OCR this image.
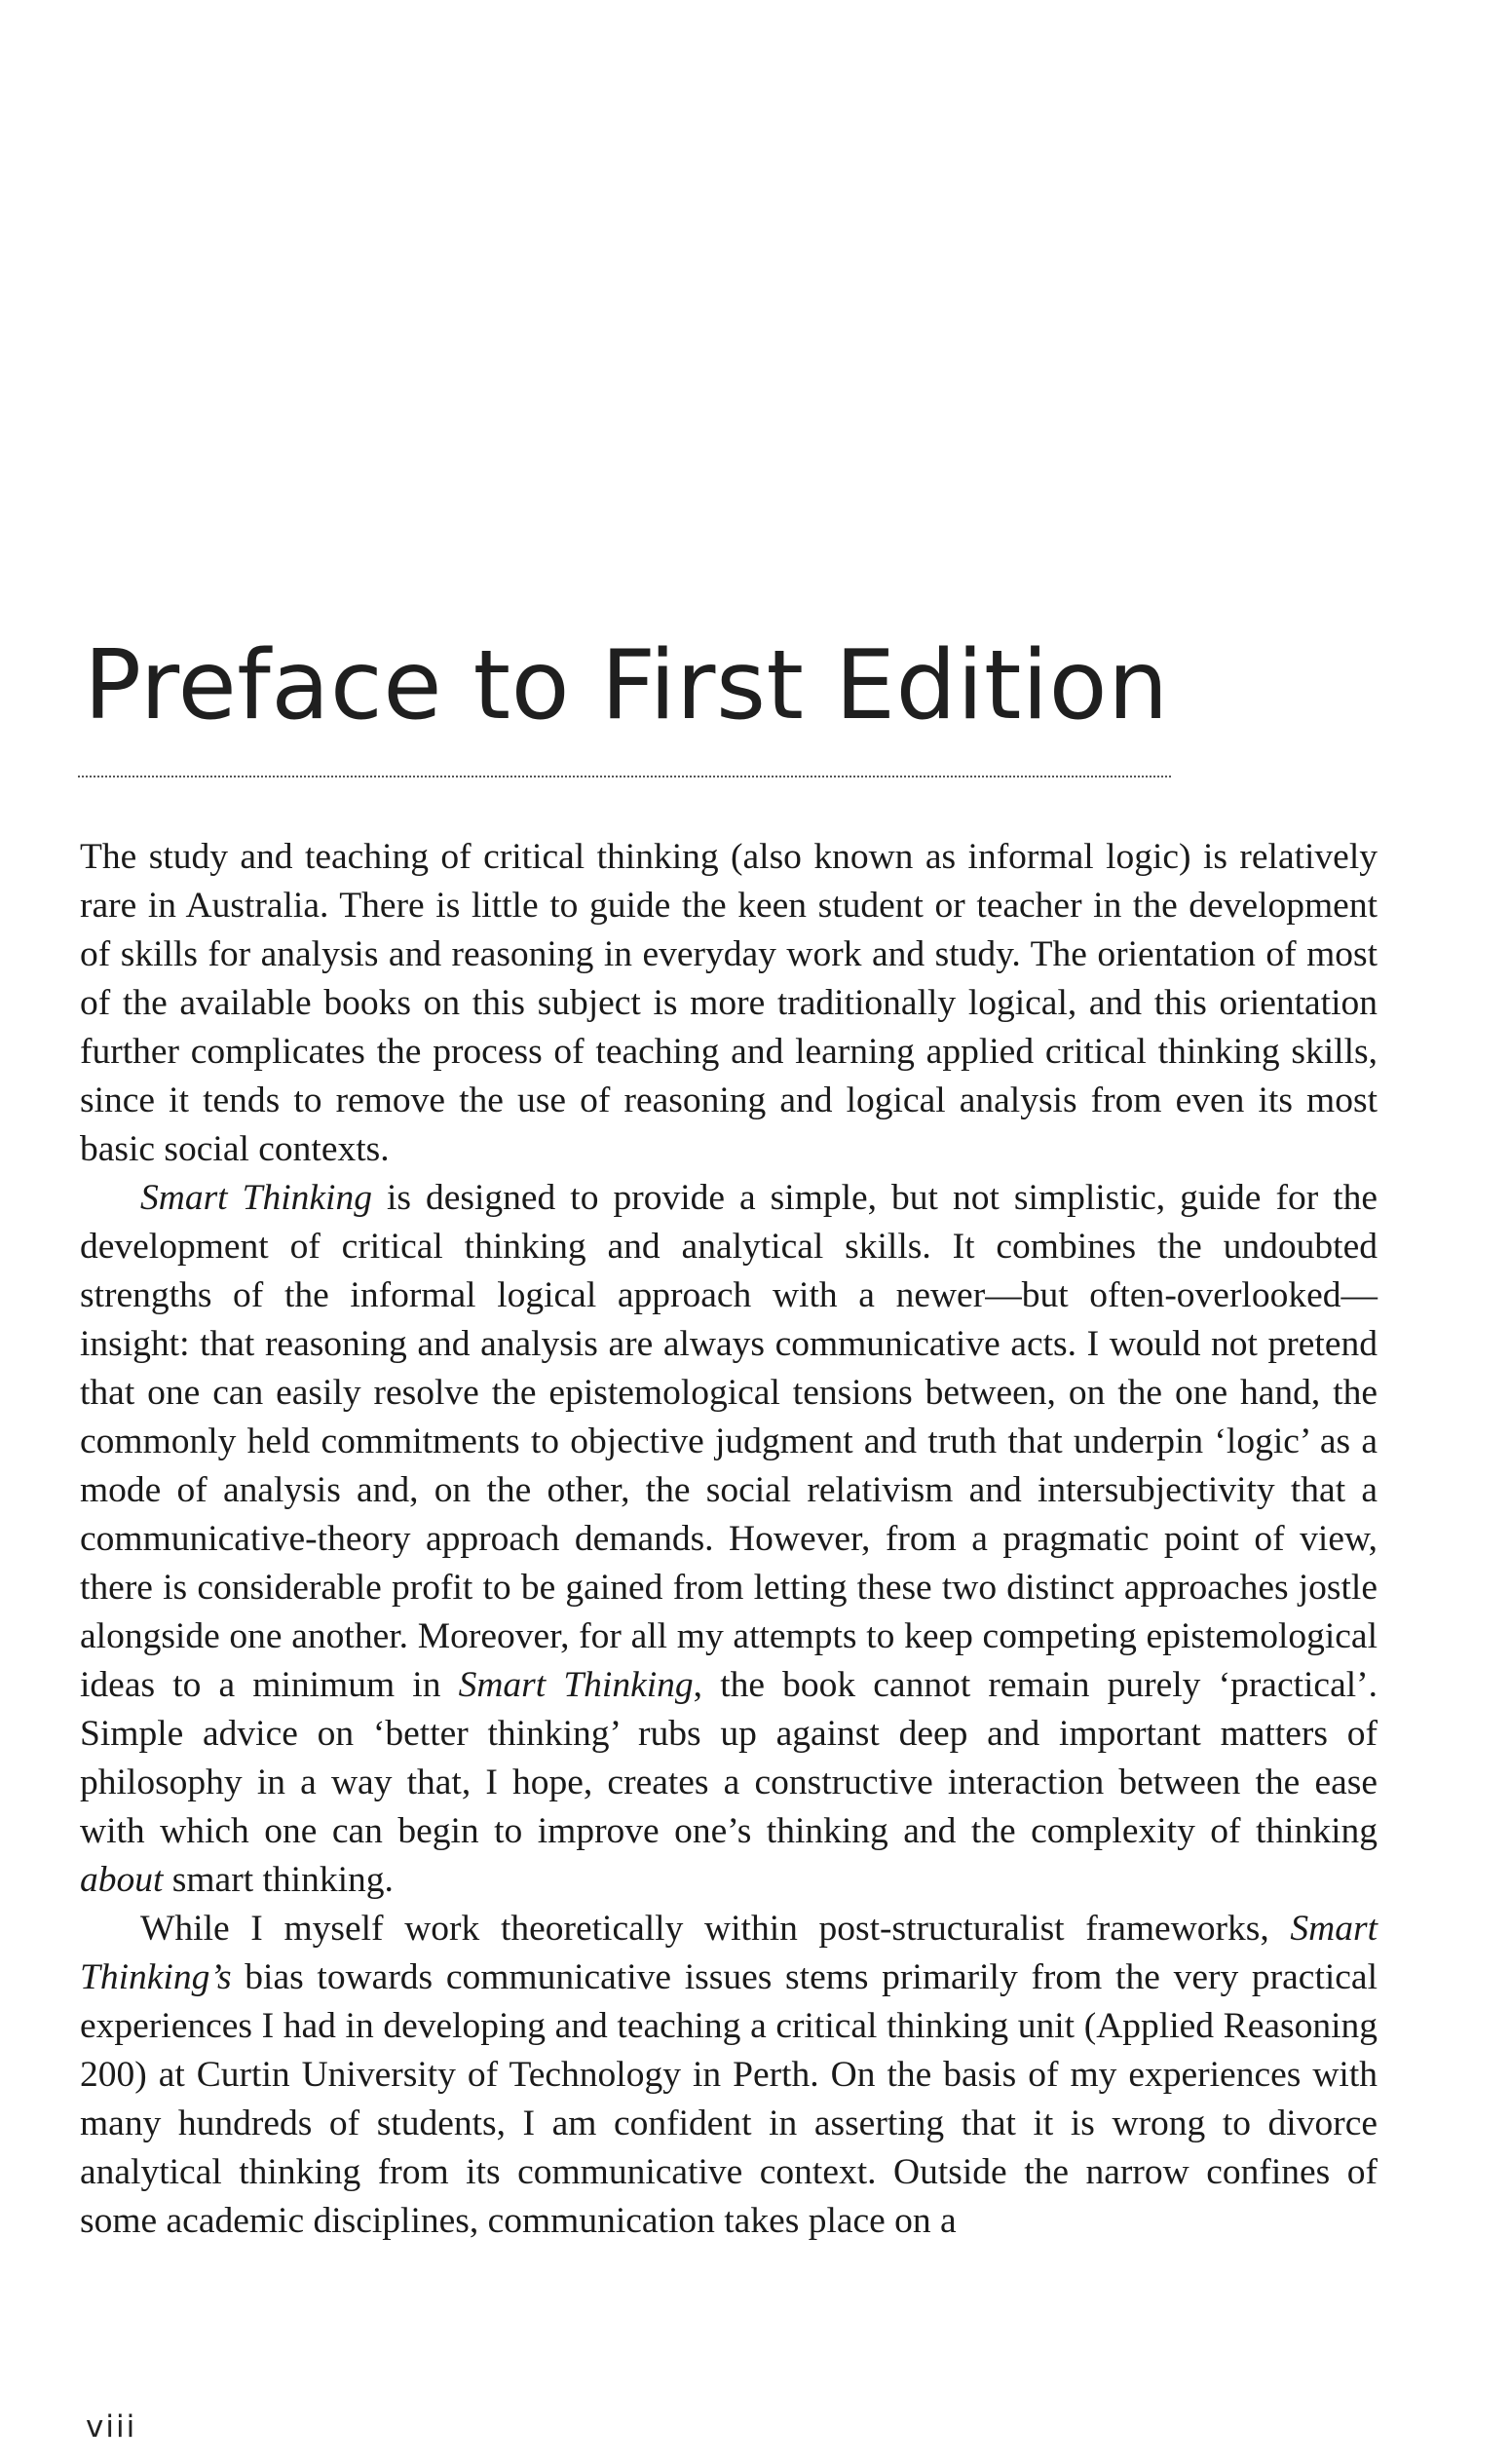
Preface to First Edition

The study and teaching of critical thinking (also known as informal logic) is relatively rare in Australia. There is little to guide the keen student or teacher in the development of skills for analysis and reasoning in everyday work and study. The orientation of most of the available books on this subject is more traditionally logical, and this orientation further complicates the process of teaching and learning applied critical thinking skills, since it tends to remove the use of reasoning and logical analysis from even its most basic social contexts.

Smart Thinking is designed to provide a simple, but not simplistic, guide for the development of critical thinking and analytical skills. It combines the undoubted strengths of the informal logical approach with a newer—but often-overlooked—insight: that reasoning and analysis are always communicative acts. I would not pretend that one can easily resolve the epistemological tensions between, on the one hand, the commonly held commitments to objective judgment and truth that underpin ‘logic’ as a mode of analysis and, on the other, the social relativism and intersubjectivity that a communicative-theory approach demands. However, from a pragmatic point of view, there is considerable profit to be gained from letting these two distinct approaches jostle alongside one another. Moreover, for all my attempts to keep competing epistemological ideas to a minimum in Smart Thinking, the book cannot remain purely ‘practical’. Simple advice on ‘better thinking’ rubs up against deep and important matters of philosophy in a way that, I hope, creates a constructive interaction between the ease with which one can begin to improve one’s thinking and the complexity of thinking about smart thinking.

While I myself work theoretically within post-structuralist frameworks, Smart Thinking’s bias towards communicative issues stems primarily from the very practical experiences I had in developing and teaching a critical thinking unit (Applied Reasoning 200) at Curtin University of Technology in Perth. On the basis of my experiences with many hundreds of students, I am confident in asserting that it is wrong to divorce analytical thinking from its communicative context. Outside the narrow confines of some academic disciplines, communication takes place on a

viii
